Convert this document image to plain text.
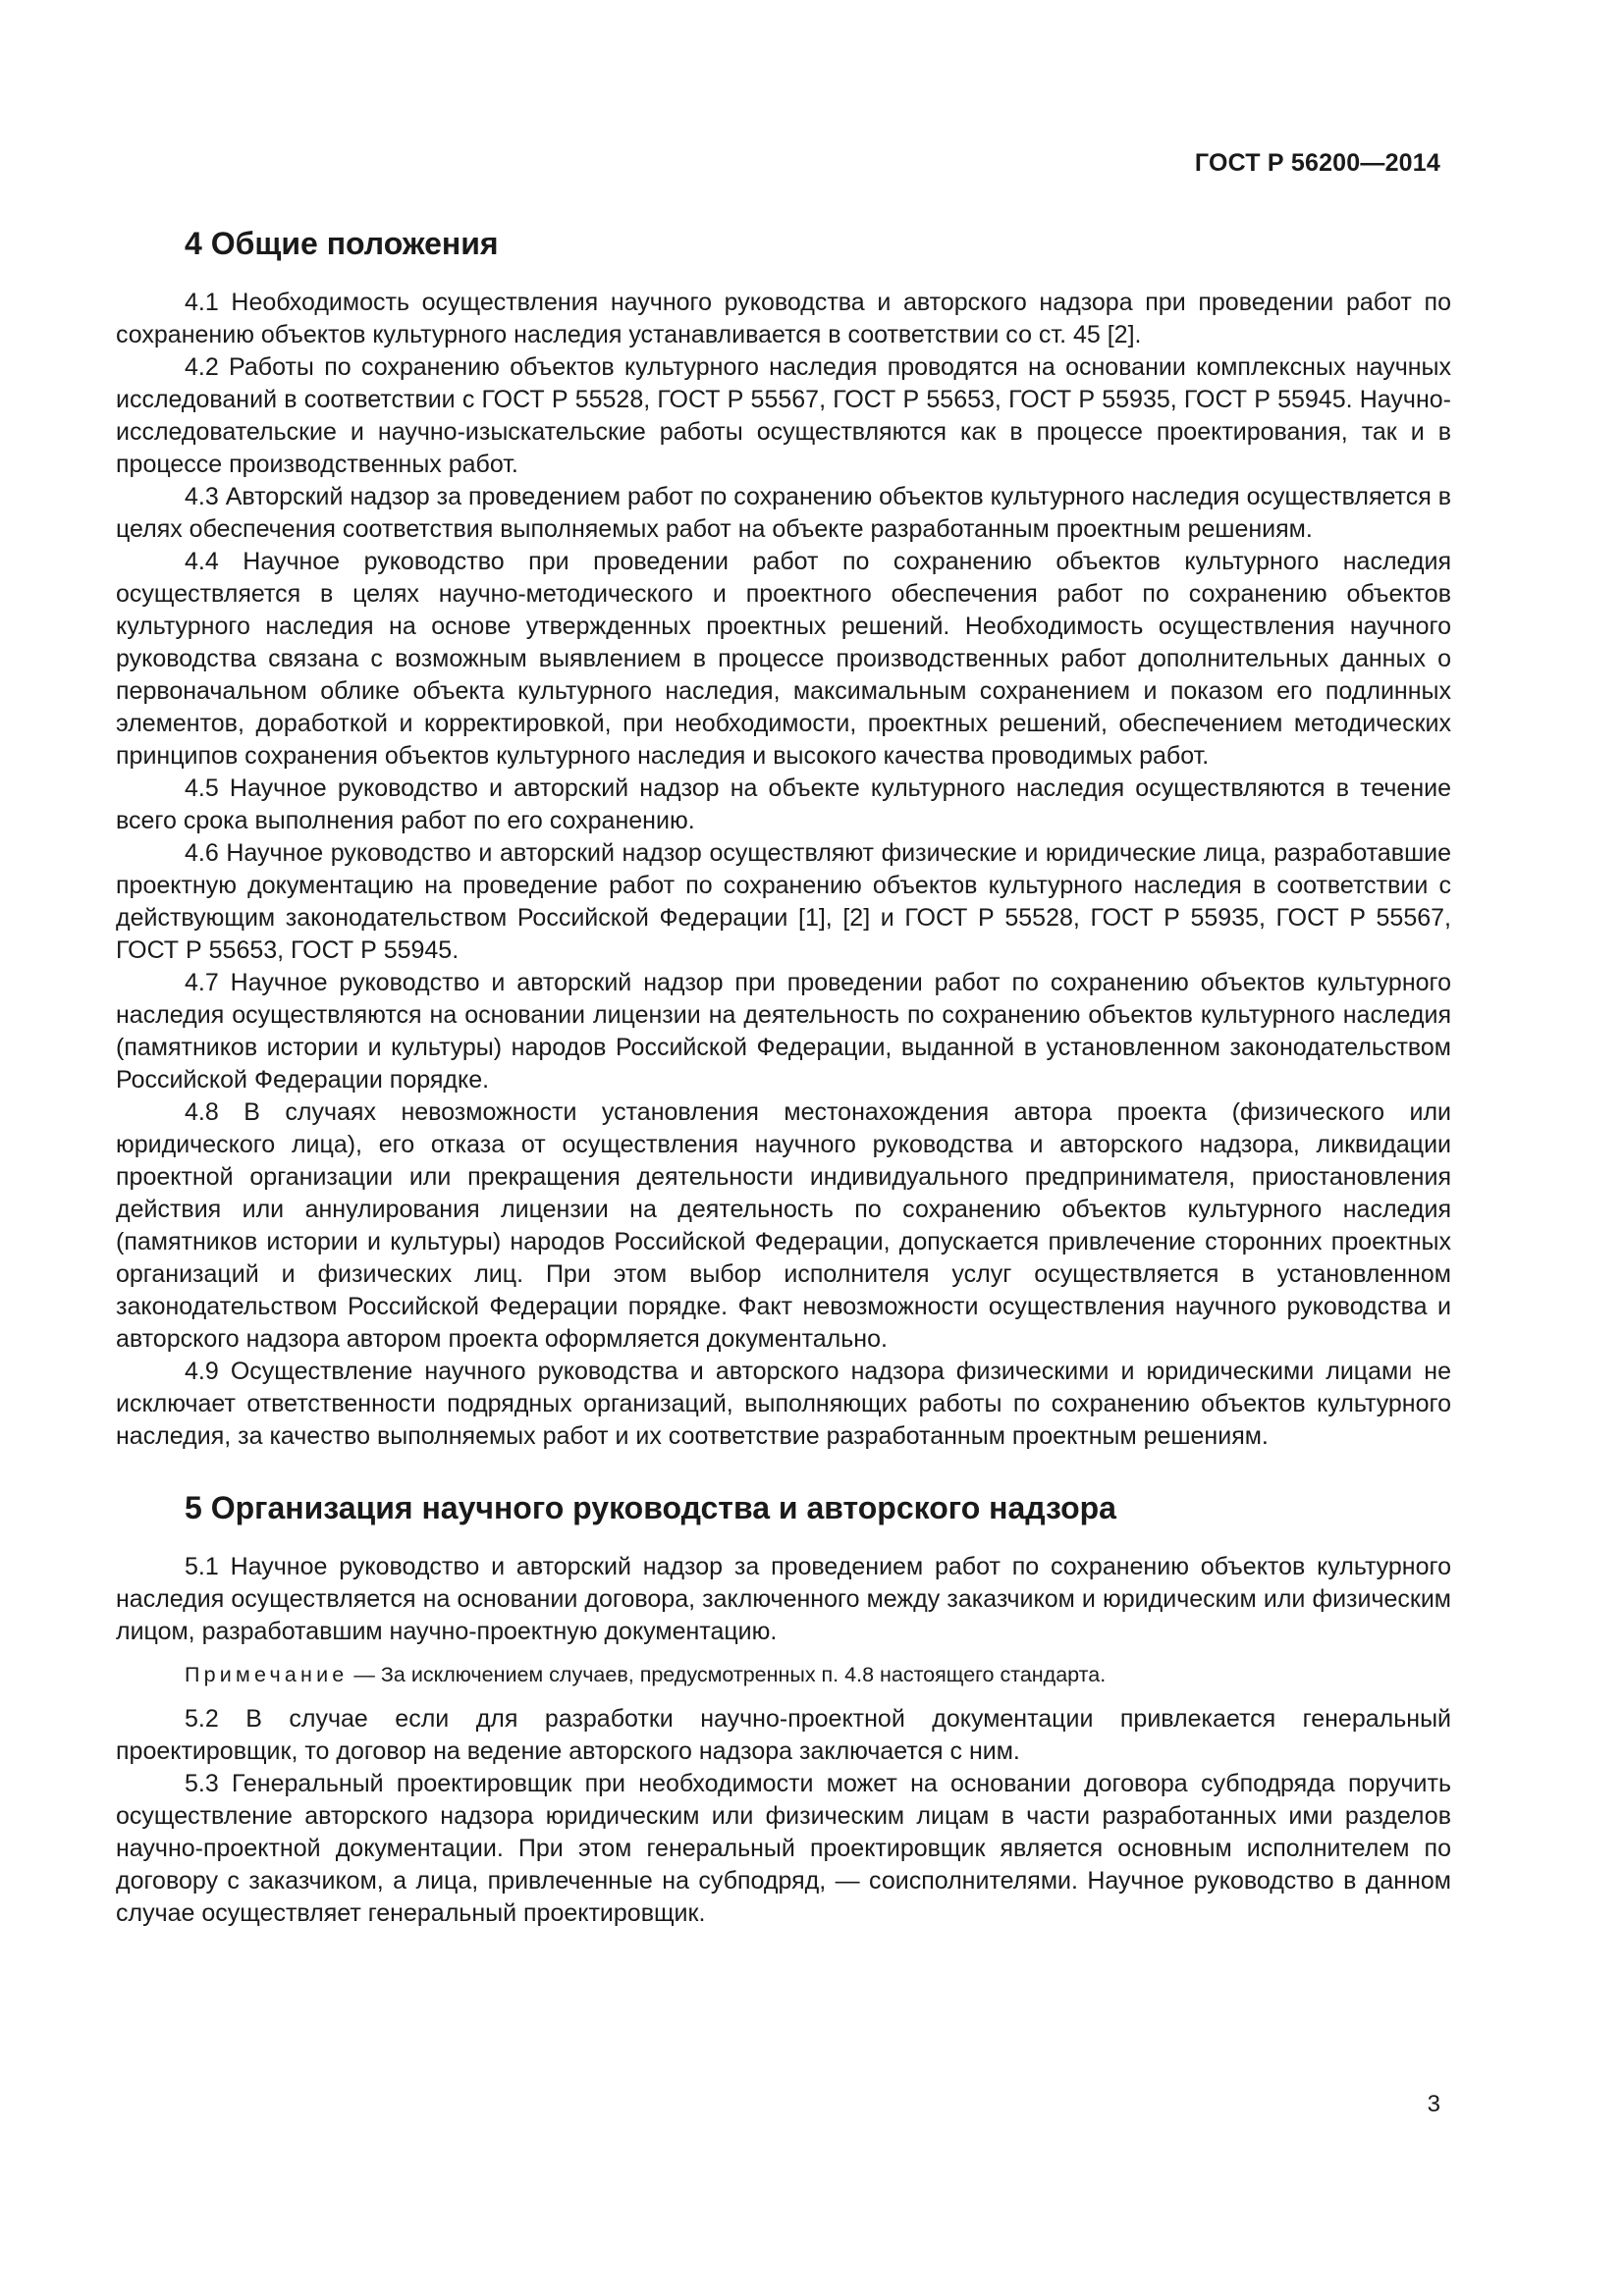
ГОСТ Р 56200—2014
4 Общие положения

4.1 Необходимость осуществления научного руководства и авторского надзора при проведении работ по сохранению объектов культурного наследия устанавливается в соответствии со ст. 45 [2].

4.2 Работы по сохранению объектов культурного наследия проводятся на основании комплексных научных исследований в соответствии с ГОСТ Р 55528, ГОСТ Р 55567, ГОСТ Р 55653, ГОСТ Р 55935, ГОСТ Р 55945. Научно-исследовательские и научно-изыскательские работы осуществляются как в процессе проектирования, так и в процессе производственных работ.

4.3 Авторский надзор за проведением работ по сохранению объектов культурного наследия осуществляется в целях обеспечения соответствия выполняемых работ на объекте разработанным проектным решениям.

4.4 Научное руководство при проведении работ по сохранению объектов культурного наследия осуществляется в целях научно-методического и проектного обеспечения работ по сохранению объектов культурного наследия на основе утвержденных проектных решений. Необходимость осуществления научного руководства связана с возможным выявлением в процессе производственных работ дополнительных данных о первоначальном облике объекта культурного наследия, максимальным сохранением и показом его подлинных элементов, доработкой и корректировкой, при необходимости, проектных решений, обеспечением методических принципов сохранения объектов культурного наследия и высокого качества проводимых работ.

4.5 Научное руководство и авторский надзор на объекте культурного наследия осуществляются в течение всего срока выполнения работ по его сохранению.

4.6 Научное руководство и авторский надзор осуществляют физические и юридические лица, разработавшие проектную документацию на проведение работ по сохранению объектов культурного наследия в соответствии с действующим законодательством Российской Федерации [1], [2] и ГОСТ Р 55528, ГОСТ Р 55935, ГОСТ Р 55567, ГОСТ Р 55653, ГОСТ Р 55945.

4.7 Научное руководство и авторский надзор при проведении работ по сохранению объектов культурного наследия осуществляются на основании лицензии на деятельность по сохранению объектов культурного наследия (памятников истории и культуры) народов Российской Федерации, выданной в установленном законодательством Российской Федерации порядке.

4.8 В случаях невозможности установления местонахождения автора проекта (физического или юридического лица), его отказа от осуществления научного руководства и авторского надзора, ликвидации проектной организации или прекращения деятельности индивидуального предпринимателя, приостановления действия или аннулирования лицензии на деятельность по сохранению объектов культурного наследия (памятников истории и культуры) народов Российской Федерации, допускается привлечение сторонних проектных организаций и физических лиц. При этом выбор исполнителя услуг осуществляется в установленном законодательством Российской Федерации порядке. Факт невозможности осуществления научного руководства и авторского надзора автором проекта оформляется документально.

4.9 Осуществление научного руководства и авторского надзора физическими и юридическими лицами не исключает ответственности подрядных организаций, выполняющих работы по сохранению объектов культурного наследия, за качество выполняемых работ и их соответствие разработанным проектным решениям.

5 Организация научного руководства и авторского надзора

5.1 Научное руководство и авторский надзор за проведением работ по сохранению объектов культурного наследия осуществляется на основании договора, заключенного между заказчиком и юридическим или физическим лицом, разработавшим научно-проектную документацию.

Примечание — За исключением случаев, предусмотренных п. 4.8 настоящего стандарта.

5.2 В случае если для разработки научно-проектной документации привлекается генеральный проектировщик, то договор на ведение авторского надзора заключается с ним.

5.3 Генеральный проектировщик при необходимости может на основании договора субподряда поручить осуществление авторского надзора юридическим или физическим лицам в части разработанных ими разделов научно-проектной документации. При этом генеральный проектировщик является основным исполнителем по договору с заказчиком, а лица, привлеченные на субподряд, — соисполнителями. Научное руководство в данном случае осуществляет генеральный проектировщик.

3
